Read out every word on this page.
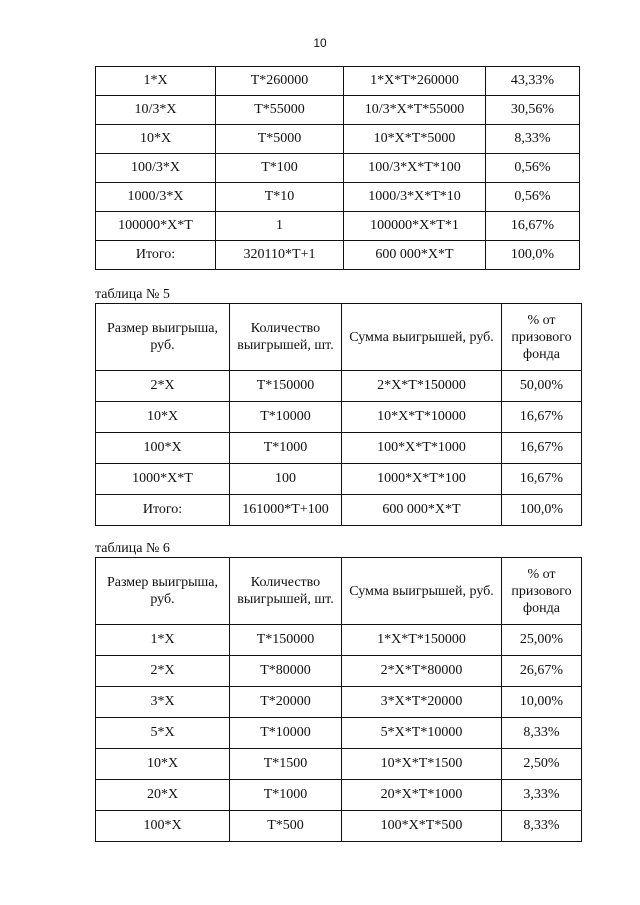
10
1*X	T*260000	1*X*T*260000	43,33%
10/3*X	T*55000	10/3*X*T*55000	30,56%
10*X	T*5000	10*X*T*5000	8,33%
100/3*X	T*100	100/3*X*T*100	0,56%
1000/3*X	T*10	1000/3*X*T*10	0,56%
100000*X*T	1	100000*X*T*1	16,67%
Итого:	320110*T+1	600 000*X*T	100,0%
таблица № 5
Размер выигрыша, руб.	Количество выигрышей, шт.	Сумма выигрышей, руб.	% от призового фонда
2*X	T*150000	2*X*T*150000	50,00%
10*X	T*10000	10*X*T*10000	16,67%
100*X	T*1000	100*X*T*1000	16,67%
1000*X*T	100	1000*X*T*100	16,67%
Итого:	161000*T+100	600 000*X*T	100,0%
таблица № 6
Размер выигрыша, руб.	Количество выигрышей, шт.	Сумма выигрышей, руб.	% от призового фонда
1*X	T*150000	1*X*T*150000	25,00%
2*X	T*80000	2*X*T*80000	26,67%
3*X	T*20000	3*X*T*20000	10,00%
5*X	T*10000	5*X*T*10000	8,33%
10*X	T*1500	10*X*T*1500	2,50%
20*X	T*1000	20*X*T*1000	3,33%
100*X	T*500	100*X*T*500	8,33%
